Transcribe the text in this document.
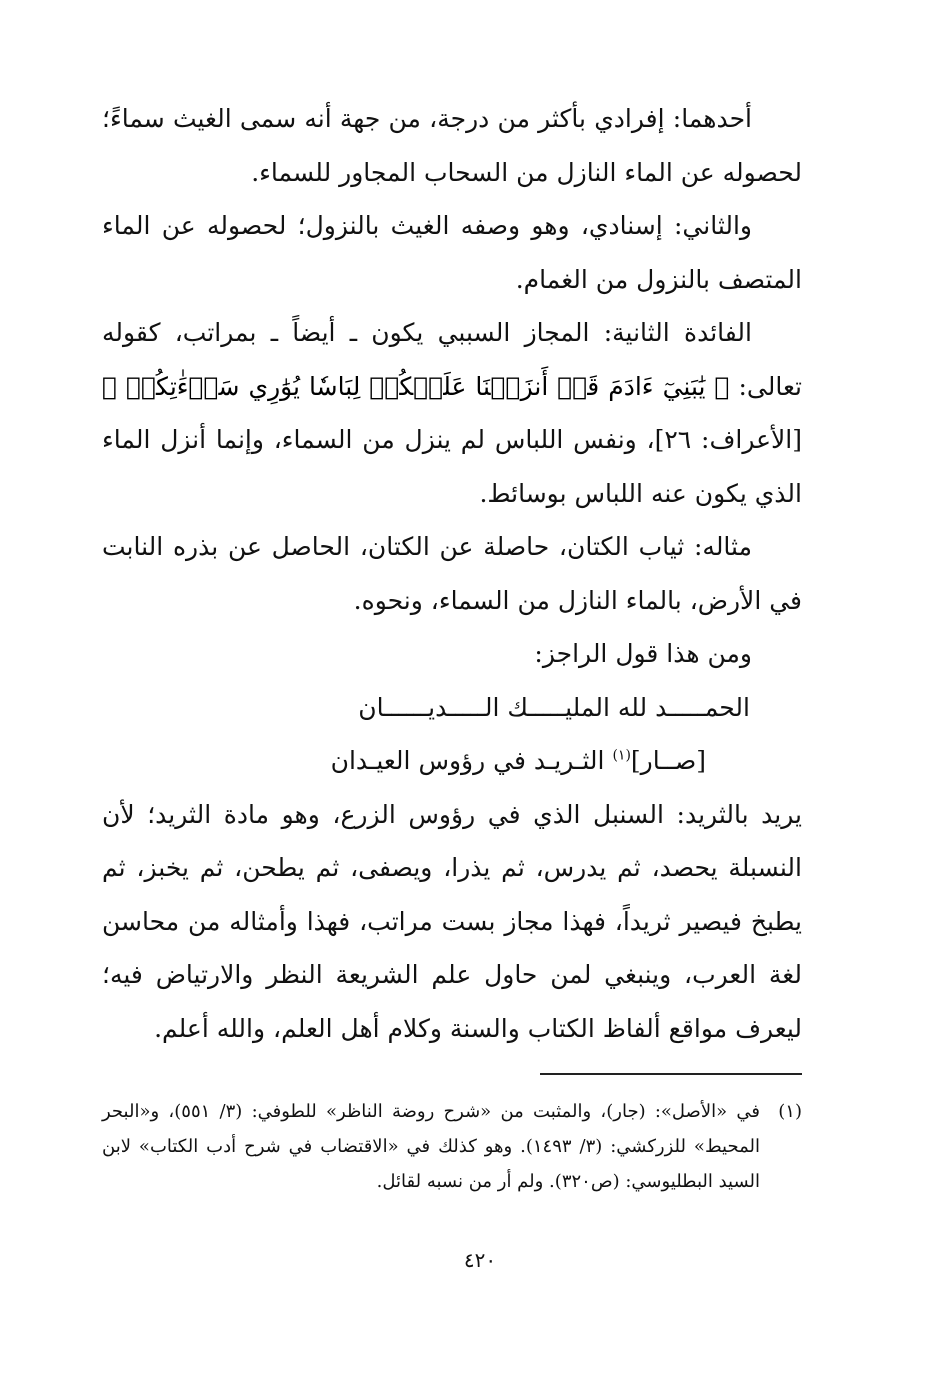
أحدهما: إفرادي بأكثر من درجة، من جهة أنه سمى الغيث سماءً؛ لحصوله عن الماء النازل من السحاب المجاور للسماء.

والثاني: إسنادي، وهو وصفه الغيث بالنزول؛ لحصوله عن الماء المتصف بالنزول من الغمام.

الفائدة الثانية: المجاز السببي يكون ـ أيضاً ـ بمراتب، كقوله تعالى: ﴿ يَٰبَنِيٓ ءَادَمَ قَدۡ أَنزَلۡنَا عَلَيۡكُمۡ لِبَاسٗا يُوَٰرِي سَوۡءَٰتِكُمۡ ﴾ [الأعراف: ٢٦]، ونفس اللباس لم ينزل من السماء، وإنما أنزل الماء الذي يكون عنه اللباس بوسائط.

مثاله: ثياب الكتان، حاصلة عن الكتان، الحاصل عن بذره النابت في الأرض، بالماء النازل من السماء، ونحوه.

ومن هذا قول الراجز:

الحمـــــد لله المليـــــك الـــــديــــــان

[صــار]$^{(١)}$ الثـريـد في رؤوس العيـدان

يريد بالثريد: السنبل الذي في رؤوس الزرع، وهو مادة الثريد؛ لأن النسبلة يحصد، ثم يدرس، ثم يذرا، ويصفى، ثم يطحن، ثم يخبز، ثم يطبخ فيصير ثريداً، فهذا مجاز بست مراتب، فهذا وأمثاله من محاسن لغة العرب، وينبغي لمن حاول علم الشريعة النظر والارتياض فيه؛ ليعرف مواقع ألفاظ الكتاب والسنة وكلام أهل العلم، والله أعلم.

(١)
في «الأصل»: (جار)، والمثبت من «شرح روضة الناظر» للطوفي: (٣/ ٥٥١)، و«البحر المحيط» للزركشي: (٣/ ١٤٩٣). وهو كذلك في «الاقتضاب في شرح أدب الكتاب» لابن السيد البطليوسي: (ص٣٢٠). ولم أر من نسبه لقائل.
٤٢٠
